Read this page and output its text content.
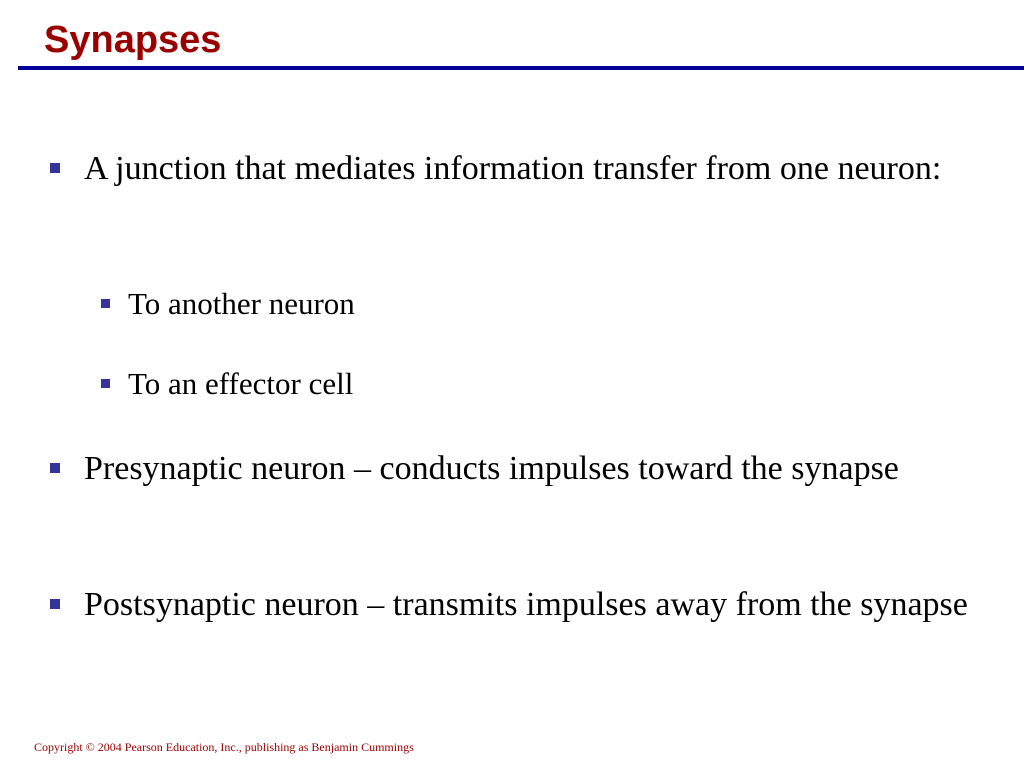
Synapses
A junction that mediates information transfer from one neuron:
To another neuron
To an effector cell
Presynaptic neuron – conducts impulses toward the synapse
Postsynaptic neuron – transmits impulses away from the synapse
Copyright © 2004 Pearson Education, Inc., publishing as Benjamin Cummings
